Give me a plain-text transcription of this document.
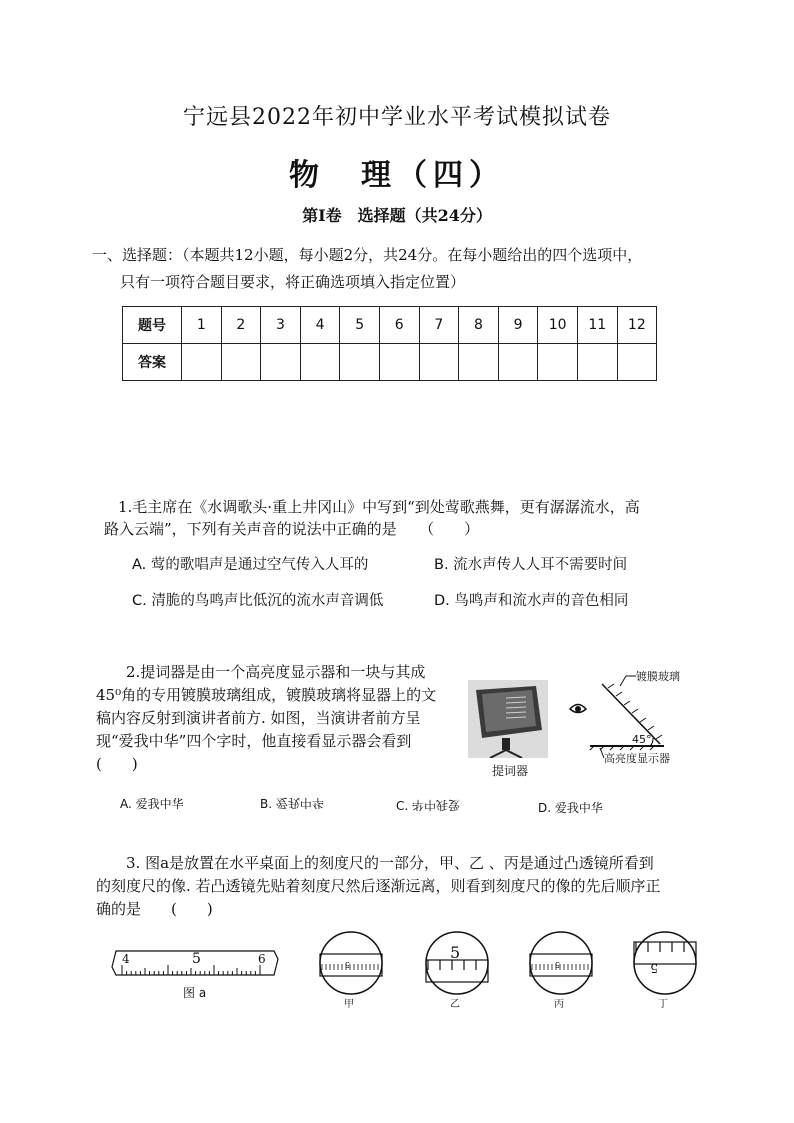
宁远县2022年初中学业水平考试模拟试卷
物　理（四）
第Ⅰ卷　选择题（共24分）
一、选择题：（本题共12小题，每小题2分，共24分。在每小题给出的四个选项中，
只有一项符合题目要求，将正确选项填入指定位置）
题号	1	2	3	4	5	6	7	8	9	10	11	12
答案												
1.毛主席在《水调歌头·重上井冈山》中写到“到处莺歌燕舞，更有潺潺流水，高
路入云端”，下列有关声音的说法中正确的是　　（　　）
A. 莺的歌唱声是通过空气传入人耳的	B. 流水声传人人耳不需要时间
C. 清脆的鸟鸣声比低沉的流水声音调低	D. 鸟鸣声和流水声的音色相同
2.提词器是由一个高亮度显示器和一块与其成
45⁰角的专用镀膜玻璃组成，镀膜玻璃将显器上的文
稿内容反射到演讲者前方. 如图，当演讲者前方呈
现“爱我中华”四个字时，他直接看显示器会看到
(　　)	提词器
镀膜玻璃
45°
高亮度显示器
A. 爱我中华	B. 爱我中华	C. 爱我中华	D. 爱我中华
3. 图a是放置在水平桌面上的刻度尺的一部分，甲、乙 、丙是通过凸透镜所看到
的刻度尺的像. 若凸透镜先贴着刻度尺然后逐渐远离，则看到刻度尺的像的先后顺序正
确的是　　(　　)
4	5	6
图 a
5
5
5	5
甲	乙	丙	丁
